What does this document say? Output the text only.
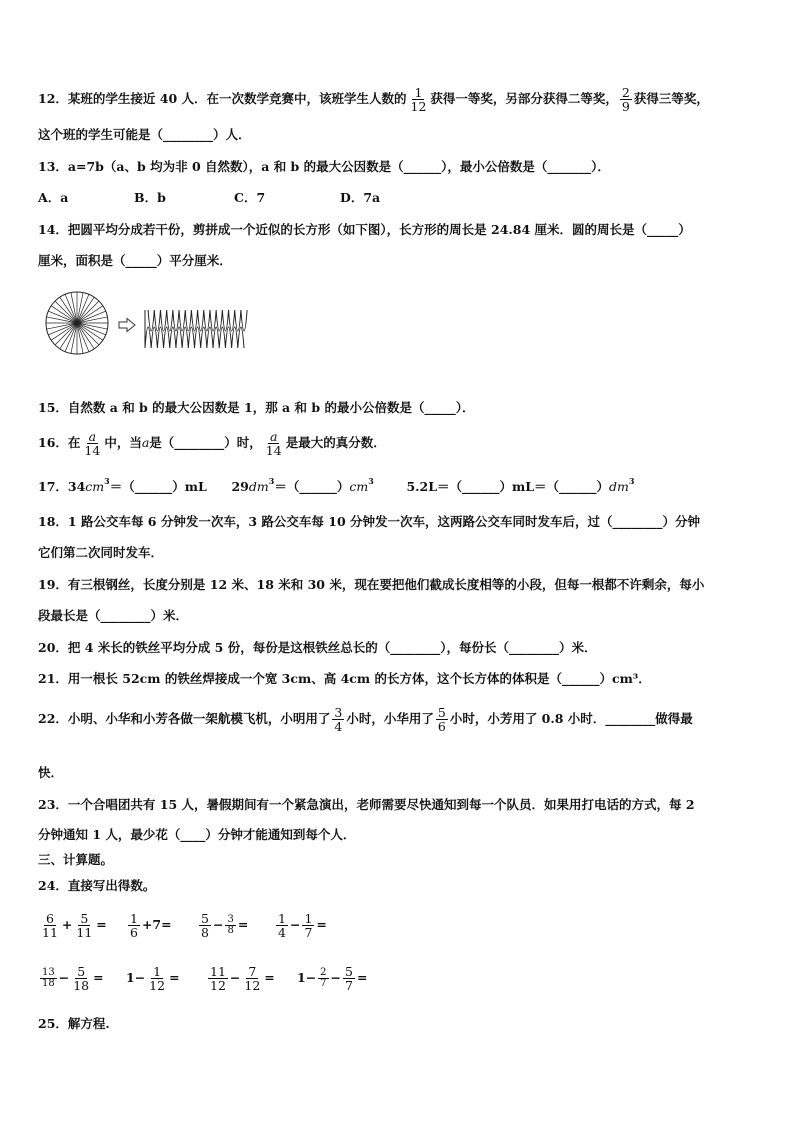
12．某班的学生接近 40 人．在一次数学竞赛中，该班学生人数的 $\frac{1}{12}$ 获得一等奖，另部分获得二等奖， $\frac{2}{9}$ 获得三等奖，
这个班的学生可能是（________）人．
13．a=7b（a、b 均为非 0 自然数），a 和 b 的最大公因数是（______），最小公倍数是（_______）．
A．a	B．b	C．7	D．7a
14．把圆平均分成若干份，剪拼成一个近似的长方形（如下图），长方形的周长是 24.84 厘米．圆的周长是（_____）
厘米，面积是（_____）平分厘米．
15．自然数 a 和 b 的最大公因数是 1，那 a 和 b 的最小公倍数是（_____）．
16．在 $\frac{a}{14}$ 中，当a是（________）时， $\frac{a}{14}$ 是最大的真分数．
17．$34cm^3=(\_\_\_\_\_\_)mL$ $29dm^3=(\_\_\_\_\_\_)cm^3$	$5.2L=(\_\_\_\_\_\_)mL=(\_\_\_\_\_\_)dm^3$
18．1 路公交车每 6 分钟发一次车，3 路公交车每 10 分钟发一次车，这两路公交车同时发车后，过（________）分钟
它们第二次同时发车．
19．有三根钢丝，长度分别是 12 米、18 米和 30 米，现在要把他们截成长度相等的小段，但每一根都不许剩余，每小
段最长是（________）米．
20．把 4 米长的铁丝平均分成 5 份，每份是这根铁丝总长的（________），每份长（________）米．
21．用一根长 52cm 的铁丝焊接成一个宽 3cm、高 4cm 的长方体，这个长方体的体积是（______）cm³．
22．小明、小华和小芳各做一架航模飞机，小明用了 $\frac{3}{4}$ 小时，小华用了 $\frac{5}{6}$ 小时，小芳用了 0.8 小时．________做得最
快．
23．一个合唱团共有 15 人，暑假期间有一个紧急演出，老师需要尽快通知到每一个队员．如果用打电话的方式，每 2
分钟通知 1 人，最少花（____）分钟才能通知到每个人．
三、计算题。
24．直接写出得数。
$\frac{6}{11} + \frac{5}{11} = \frac{1}{6} +7= \frac{5}{8} - \frac{3}{8} = \frac{1}{4} - \frac{1}{7}$ =
$\frac{13}{18} - \frac{5}{18} = 1- \frac{1}{12} = \frac{11}{12} - \frac{7}{12} = 1- \frac{2}{7} - \frac{5}{7}$ =
25．解方程.
